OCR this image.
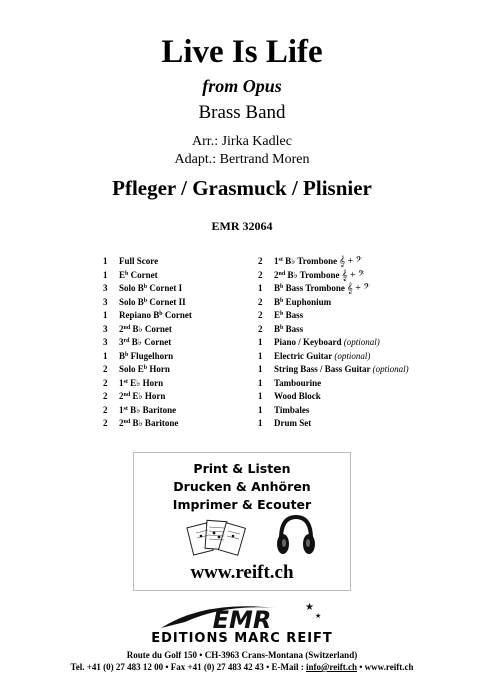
Live Is Life
from Opus
Brass Band
Arr.: Jirka Kadlec
Adapt.: Bertrand Moren
Pfleger / Grasmuck / Plisnier
EMR 32064
1 Full Score
1 $E^b$ Cornet
3 Solo $B^b$ Cornet I
3 Solo $B^b$ Cornet II
1 Repiano $B^b$ Cornet
3 2nd B♭ Cornet
3 3rd B♭ Cornet
1 $B^b$ Flugelhorn
2 Solo $E^b$ Horn
2 1st E♭ Horn
2 2nd E♭ Horn
2 1st B♭ Baritone
2 2nd B♭ Baritone
2 1st B♭ Trombone 𝄞 + 𝄢
2 2nd B♭ Trombone 𝄞 + 𝄢
1 $B^b$ Bass Trombone 𝄞 + 𝄢
2 $B^b$ Euphonium
2 $E^b$ Bass
2 $B^b$ Bass
1 Piano / Keyboard (optional)
1 Electric Guitar (optional)
1 String Bass / Bass Guitar (optional)
1 Tambourine
1 Wood Block
1 Timbales
1 Drum Set
Print & Listen
Drucken & Anhören
Imprimer & Ecouter
www.reift.ch
EMR	★
★
EDITIONS MARC REIFT
Route du Golf 150 • CH-3963 Crans-Montana (Switzerland)
Tel. +41 (0) 27 483 12 00 • Fax +41 (0) 27 483 42 43 • E-Mail : info@reift.ch • www.reift.ch
